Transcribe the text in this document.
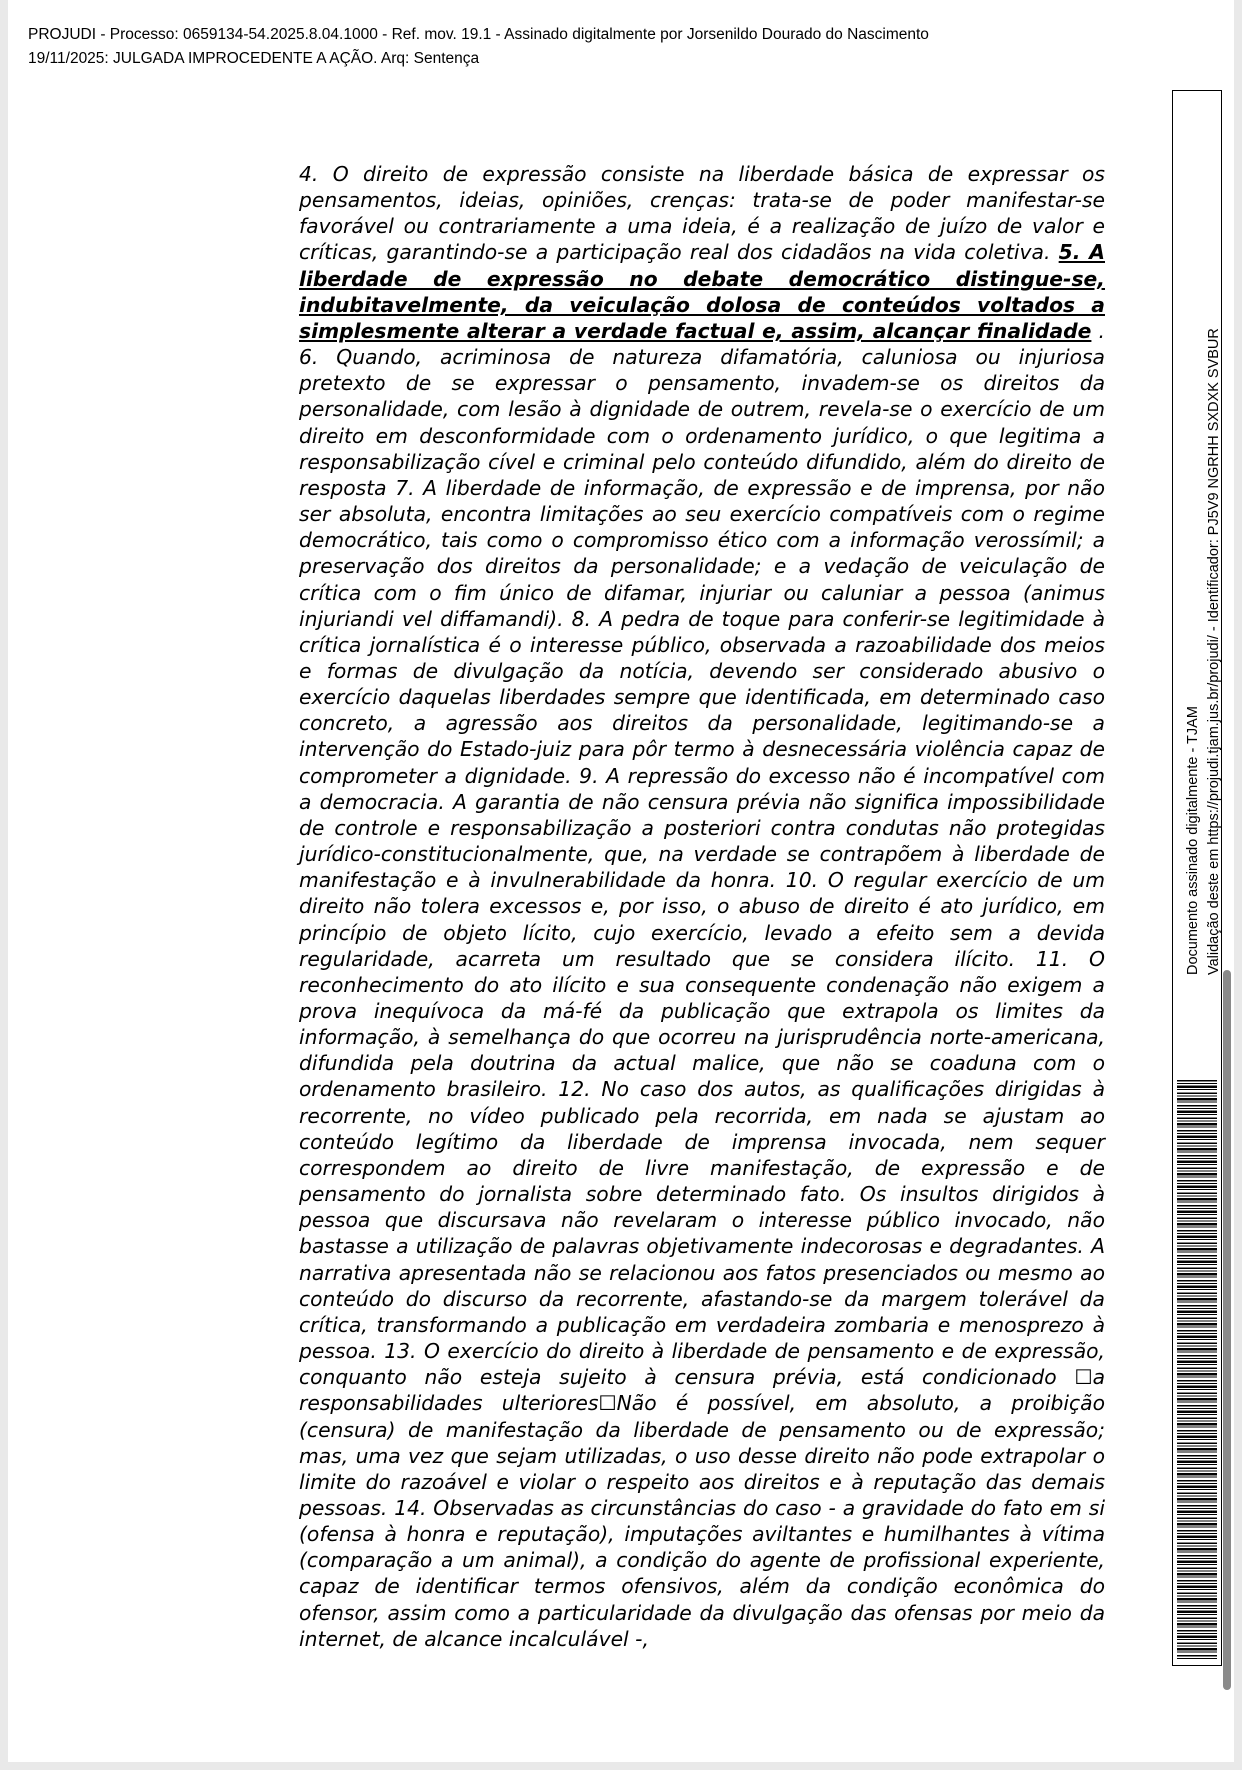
PROJUDI - Processo: 0659134-54.2025.8.04.1000 - Ref. mov. 19.1 - Assinado digitalmente por Jorsenildo Dourado do Nascimento
19/11/2025: JULGADA IMPROCEDENTE A AÇÃO. Arq: Sentença
4. O direito de expressão consiste na liberdade básica de expressar os pensamentos, ideias, opiniões, crenças: trata-se de poder manifestar-se favorável ou contrariamente a uma ideia, é a realização de juízo de valor e críticas, garantindo-se a participação real dos cidadãos na vida coletiva. 5. A liberdade de expressão no debate democrático distingue-se, indubitavelmente, da veiculação dolosa de conteúdos voltados a simplesmente alterar a verdade factual e, assim, alcançar finalidade . 6. Quando, acriminosa de natureza difamatória, caluniosa ou injuriosa pretexto de se expressar o pensamento, invadem-se os direitos da personalidade, com lesão à dignidade de outrem, revela-se o exercício de um direito em desconformidade com o ordenamento jurídico, o que legitima a responsabilização cível e criminal pelo conteúdo difundido, além do direito de resposta 7. A liberdade de informação, de expressão e de imprensa, por não ser absoluta, encontra limitações ao seu exercício compatíveis com o regime democrático, tais como o compromisso ético com a informação verossímil; a preservação dos direitos da personalidade; e a vedação de veiculação de crítica com o fim único de difamar, injuriar ou caluniar a pessoa (animus injuriandi vel diffamandi). 8. A pedra de toque para conferir-se legitimidade à crítica jornalística é o interesse público, observada a razoabilidade dos meios e formas de divulgação da notícia, devendo ser considerado abusivo o exercício daquelas liberdades sempre que identificada, em determinado caso concreto, a agressão aos direitos da personalidade, legitimando-se a intervenção do Estado-juiz para pôr termo à desnecessária violência capaz de comprometer a dignidade. 9. A repressão do excesso não é incompatível com a democracia. A garantia de não censura prévia não significa impossibilidade de controle e responsabilização a posteriori contra condutas não protegidas jurídico-constitucionalmente, que, na verdade se contrapõem à liberdade de manifestação e à invulnerabilidade da honra. 10. O regular exercício de um direito não tolera excessos e, por isso, o abuso de direito é ato jurídico, em princípio de objeto lícito, cujo exercício, levado a efeito sem a devida regularidade, acarreta um resultado que se considera ilícito. 11. O reconhecimento do ato ilícito e sua consequente condenação não exigem a prova inequívoca da má-fé da publicação que extrapola os limites da informação, à semelhança do que ocorreu na jurisprudência norte-americana, difundida pela doutrina da actual malice, que não se coaduna com o ordenamento brasileiro. 12. No caso dos autos, as qualificações dirigidas à recorrente, no vídeo publicado pela recorrida, em nada se ajustam ao conteúdo legítimo da liberdade de imprensa invocada, nem sequer correspondem ao direito de livre manifestação, de expressão e de pensamento do jornalista sobre determinado fato. Os insultos dirigidos à pessoa que discursava não revelaram o interesse público invocado, não bastasse a utilização de palavras objetivamente indecorosas e degradantes. A narrativa apresentada não se relacionou aos fatos presenciados ou mesmo ao conteúdo do discurso da recorrente, afastando-se da margem tolerável da crítica, transformando a publicação em verdadeira zombaria e menosprezo à pessoa. 13. O exercício do direito à liberdade de pensamento e de expressão, conquanto não esteja sujeito à censura prévia, está condicionado ☐a responsabilidades ulteriores☐Não é possível, em absoluto, a proibição (censura) de manifestação da liberdade de pensamento ou de expressão; mas, uma vez que sejam utilizadas, o uso desse direito não pode extrapolar o limite do razoável e violar o respeito aos direitos e à reputação das demais pessoas. 14. Observadas as circunstâncias do caso - a gravidade do fato em si (ofensa à honra e reputação), imputações aviltantes e humilhantes à vítima (comparação a um animal), a condição do agente de profissional experiente, capaz de identificar termos ofensivos, além da condição econômica do ofensor, assim como a particularidade da divulgação das ofensas por meio da internet, de alcance incalculável -,
